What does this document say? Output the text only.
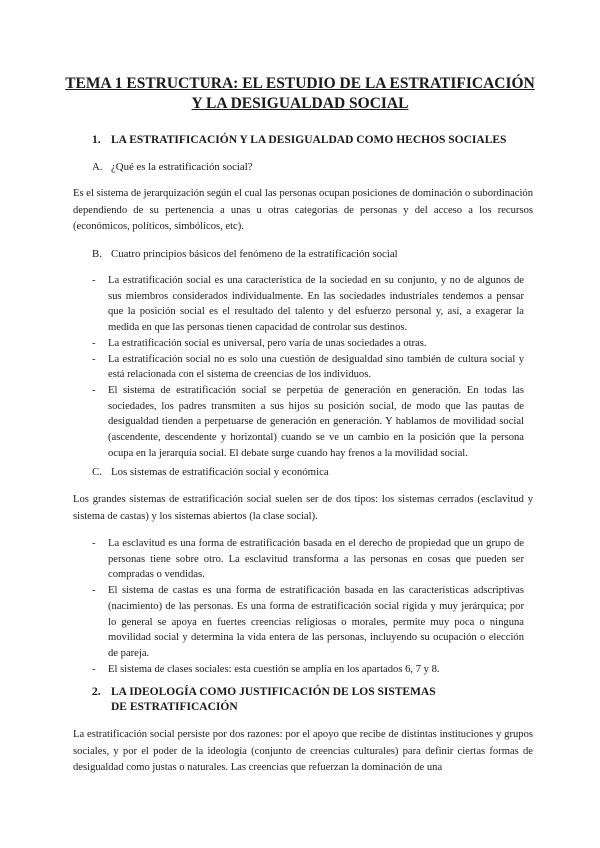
TEMA 1 ESTRUCTURA: EL ESTUDIO DE LA ESTRATIFICACIÓN Y LA DESIGUALDAD SOCIAL
1. LA ESTRATIFICACIÓN Y LA DESIGUALDAD COMO HECHOS SOCIALES
A. ¿Qué es la estratificación social?

Es el sistema de jerarquización según el cual las personas ocupan posiciones de dominación o subordinación dependiendo de su pertenencia a unas u otras categorías de personas y del acceso a los recursos (económicos, políticos, simbólicos, etc).

B. Cuatro principios básicos del fenómeno de la estratificación social
- La estratificación social es una característica de la sociedad en su conjunto, y no de algunos de sus miembros considerados individualmente. En las sociedades industriales tendemos a pensar que la posición social es el resultado del talento y del esfuerzo personal y, así, a exagerar la medida en que las personas tienen capacidad de controlar sus destinos.
- La estratificación social es universal, pero varía de unas sociedades a otras.
- La estratificación social no es solo una cuestión de desigualdad sino también de cultura social y está relacionada con el sistema de creencias de los individuos.
- El sistema de estratificación social se perpetúa de generación en generación. En todas las sociedades, los padres transmiten a sus hijos su posición social, de modo que las pautas de desigualdad tienden a perpetuarse de generación en generación. Y hablamos de movilidad social (ascendente, descendente y horizontal) cuando se ve un cambio en la posición que la persona ocupa en la jerarquía social. El debate surge cuando hay frenos a la movilidad social.
C. Los sistemas de estratificación social y económica

Los grandes sistemas de estratificación social suelen ser de dos tipos: los sistemas cerrados (esclavitud y sistema de castas) y los sistemas abiertos (la clase social).

- La esclavitud es una forma de estratificación basada en el derecho de propiedad que un grupo de personas tiene sobre otro. La esclavitud transforma a las personas en cosas que pueden ser compradas o vendidas.
- El sistema de castas es una forma de estratificación basada en las características adscriptivas (nacimiento) de las personas. Es una forma de estratificación social rígida y muy jerárquica; por lo general se apoya en fuertes creencias religiosas o morales, permite muy poca o ninguna movilidad social y determina la vida entera de las personas, incluyendo su ocupación o elección de pareja.
- El sistema de clases sociales: esta cuestión se amplía en los apartados 6, 7 y 8.
2. LA IDEOLOGÍA COMO JUSTIFICACIÓN DE LOS SISTEMAS DE ESTRATIFICACIÓN

La estratificación social persiste por dos razones: por el apoyo que recibe de distintas instituciones y grupos sociales, y por el poder de la ideología (conjunto de creencias culturales) para definir ciertas formas de desigualdad como justas o naturales. Las creencias que refuerzan la dominación de una
